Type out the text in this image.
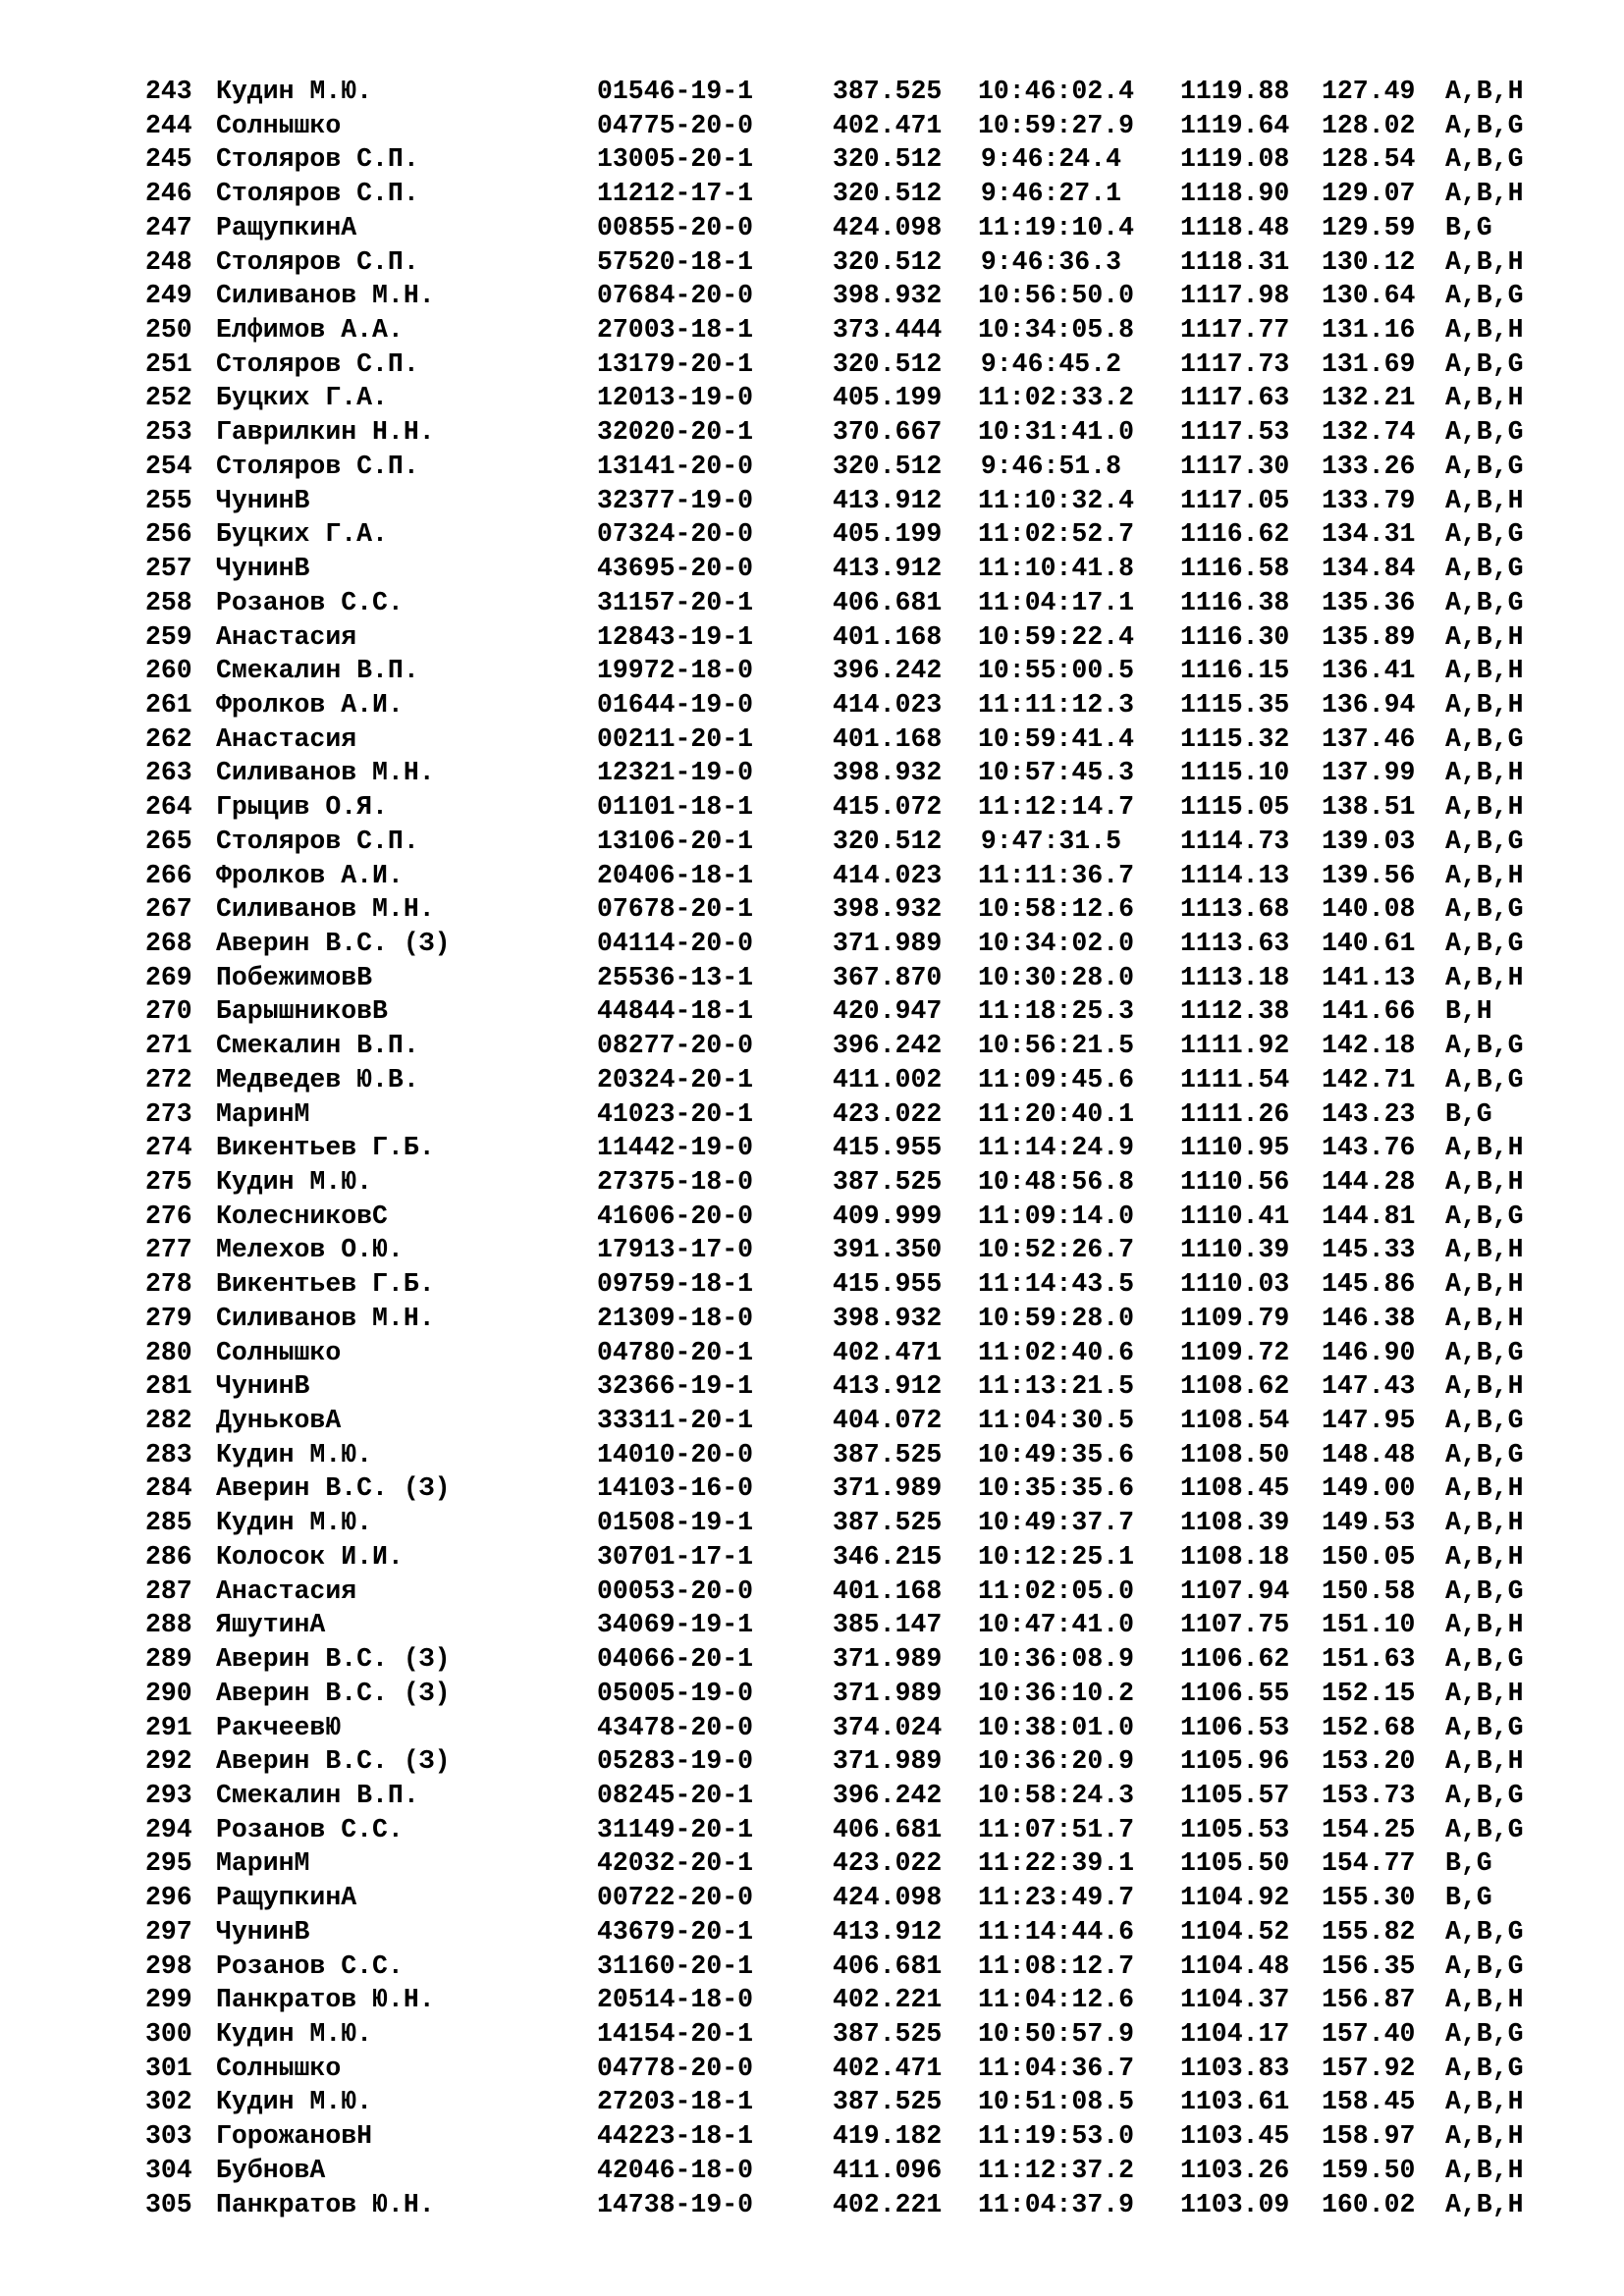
243 Кудин М.Ю.	01546-19-1	387.525 10:46:02.4 1119.88 127.49 A,B,H
244 Солнышко	04775-20-0	402.471 10:59:27.9 1119.64 128.02 A,B,G
245 Столяров С.П.	13005-20-1	320.512 9:46:24.4 1119.08 128.54 A,B,G
246 Столяров С.П.	11212-17-1	320.512 9:46:27.1 1118.90 129.07 A,B,H
247 РащупкинА	00855-20-0	424.098 11:19:10.4 1118.48 129.59 B,G
248 Столяров С.П.	57520-18-1	320.512 9:46:36.3 1118.31 130.12 A,B,H
249 Силиванов М.Н.	07684-20-0	398.932 10:56:50.0 1117.98 130.64 A,B,G
250 Елфимов А.А.	27003-18-1	373.444 10:34:05.8 1117.77 131.16 A,B,H
251 Столяров С.П.	13179-20-1	320.512 9:46:45.2 1117.73 131.69 A,B,G
252 Буцких Г.А.	12013-19-0	405.199 11:02:33.2 1117.63 132.21 A,B,H
253 Гаврилкин Н.Н.	32020-20-1	370.667 10:31:41.0 1117.53 132.74 A,B,G
254 Столяров С.П.	13141-20-0	320.512 9:46:51.8 1117.30 133.26 A,B,G
255 ЧунинВ	32377-19-0	413.912 11:10:32.4 1117.05 133.79 A,B,H
256 Буцких Г.А.	07324-20-0	405.199 11:02:52.7 1116.62 134.31 A,B,G
257 ЧунинВ	43695-20-0	413.912 11:10:41.8 1116.58 134.84 A,B,G
258 Розанов С.С.	31157-20-1	406.681 11:04:17.1 1116.38 135.36 A,B,G
259 Анастасия	12843-19-1	401.168 10:59:22.4 1116.30 135.89 A,B,H
260 Смекалин В.П.	19972-18-0	396.242 10:55:00.5 1116.15 136.41 A,B,H
261 Фролков А.И.	01644-19-0	414.023 11:11:12.3 1115.35 136.94 A,B,H
262 Анастасия	00211-20-1	401.168 10:59:41.4 1115.32 137.46 A,B,G
263 Силиванов М.Н.	12321-19-0	398.932 10:57:45.3 1115.10 137.99 A,B,H
264 Грыцив О.Я.	01101-18-1	415.072 11:12:14.7 1115.05 138.51 A,B,H
265 Столяров С.П.	13106-20-1	320.512 9:47:31.5 1114.73 139.03 A,B,G
266 Фролков А.И.	20406-18-1	414.023 11:11:36.7 1114.13 139.56 A,B,H
267 Силиванов М.Н.	07678-20-1	398.932 10:58:12.6 1113.68 140.08 A,B,G
268 Аверин В.С. (З)	04114-20-0	371.989 10:34:02.0 1113.63 140.61 A,B,G
269 ПобежимовВ	25536-13-1	367.870 10:30:28.0 1113.18 141.13 A,B,H
270 БарышниковВ	44844-18-1	420.947 11:18:25.3 1112.38 141.66 B,H
271 Смекалин В.П.	08277-20-0	396.242 10:56:21.5 1111.92 142.18 A,B,G
272 Медведев Ю.В.	20324-20-1	411.002 11:09:45.6 1111.54 142.71 A,B,G
273 МаринМ	41023-20-1	423.022 11:20:40.1 1111.26 143.23 B,G
274 Викентьев Г.Б.	11442-19-0	415.955 11:14:24.9 1110.95 143.76 A,B,H
275 Кудин М.Ю.	27375-18-0	387.525 10:48:56.8 1110.56 144.28 A,B,H
276 КолесниковС	41606-20-0	409.999 11:09:14.0 1110.41 144.81 A,B,G
277 Мелехов О.Ю.	17913-17-0	391.350 10:52:26.7 1110.39 145.33 A,B,H
278 Викентьев Г.Б.	09759-18-1	415.955 11:14:43.5 1110.03 145.86 A,B,H
279 Силиванов М.Н.	21309-18-0	398.932 10:59:28.0 1109.79 146.38 A,B,H
280 Солнышко	04780-20-1	402.471 11:02:40.6 1109.72 146.90 A,B,G
281 ЧунинВ	32366-19-1	413.912 11:13:21.5 1108.62 147.43 A,B,H
282 ДуньковА	33311-20-1	404.072 11:04:30.5 1108.54 147.95 A,B,G
283 Кудин М.Ю.	14010-20-0	387.525 10:49:35.6 1108.50 148.48 A,B,G
284 Аверин В.С. (З)	14103-16-0	371.989 10:35:35.6 1108.45 149.00 A,B,H
285 Кудин М.Ю.	01508-19-1	387.525 10:49:37.7 1108.39 149.53 A,B,H
286 Колосок И.И.	30701-17-1	346.215 10:12:25.1 1108.18 150.05 A,B,H
287 Анастасия	00053-20-0	401.168 11:02:05.0 1107.94 150.58 A,B,G
288 ЯшутинА	34069-19-1	385.147 10:47:41.0 1107.75 151.10 A,B,H
289 Аверин В.С. (З)	04066-20-1	371.989 10:36:08.9 1106.62 151.63 A,B,G
290 Аверин В.С. (З)	05005-19-0	371.989 10:36:10.2 1106.55 152.15 A,B,H
291 РакчеевЮ	43478-20-0	374.024 10:38:01.0 1106.53 152.68 A,B,G
292 Аверин В.С. (З)	05283-19-0	371.989 10:36:20.9 1105.96 153.20 A,B,H
293 Смекалин В.П.	08245-20-1	396.242 10:58:24.3 1105.57 153.73 A,B,G
294 Розанов С.С.	31149-20-1	406.681 11:07:51.7 1105.53 154.25 A,B,G
295 МаринМ	42032-20-1	423.022 11:22:39.1 1105.50 154.77 B,G
296 РащупкинА	00722-20-0	424.098 11:23:49.7 1104.92 155.30 B,G
297 ЧунинВ	43679-20-1	413.912 11:14:44.6 1104.52 155.82 A,B,G
298 Розанов С.С.	31160-20-1	406.681 11:08:12.7 1104.48 156.35 A,B,G
299 Панкратов Ю.Н.	20514-18-0	402.221 11:04:12.6 1104.37 156.87 A,B,H
300 Кудин М.Ю.	14154-20-1	387.525 10:50:57.9 1104.17 157.40 A,B,G
301 Солнышко	04778-20-0	402.471 11:04:36.7 1103.83 157.92 A,B,G
302 Кудин М.Ю.	27203-18-1	387.525 10:51:08.5 1103.61 158.45 A,B,H
303 ГорожановН	44223-18-1	419.182 11:19:53.0 1103.45 158.97 A,B,H
304 БубновА	42046-18-0	411.096 11:12:37.2 1103.26 159.50 A,B,H
305 Панкратов Ю.Н.	14738-19-0	402.221 11:04:37.9 1103.09 160.02 A,B,H
